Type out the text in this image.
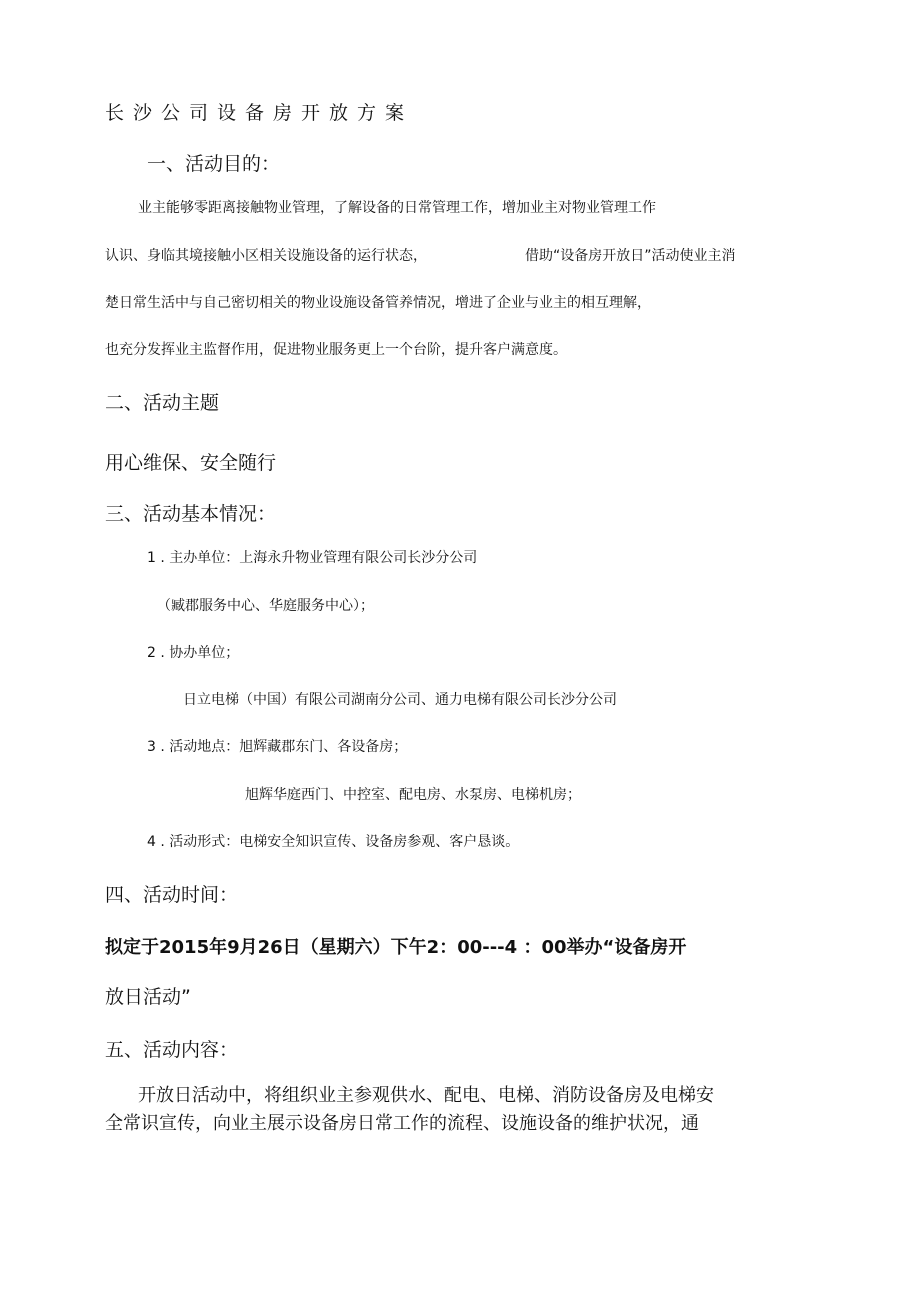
长沙公司设备房开放方案
一、活动目的：
业主能够零距离接触物业管理，了解设备的日常管理工作，增加业主对物业管理工作
认识、身临其境接触小区相关设施设备的运行状态，	借助“设备房开放日”活动使业主消
楚日常生活中与自己密切相关的物业设施设备管养情况，增进了企业与业主的相互理解，
也充分发挥业主监督作用，促进物业服务更上一个台阶，提升客户满意度。
二、活动主题
用心维保、安全随行
三、活动基本情况：
1 . 主办单位：上海永升物业管理有限公司长沙分公司
（臧郡服务中心、华庭服务中心）；
2 . 协办单位；
日立电梯（中国）有限公司湖南分公司、通力电梯有限公司长沙分公司
3 . 活动地点：旭辉藏郡东门、各设备房；
旭辉华庭西门、中控室、配电房、水泵房、电梯机房；
4 . 活动形式：电梯安全知识宣传、设备房参观、客户恳谈。
四、活动时间：
拟定于2015年9月26日（星期六）下午2：00---4 ：00举办“设备房开
放日活动”
五、活动内容：
开放日活动中，将组织业主参观供水、配电、电梯、消防设备房及电梯安
全常识宣传，向业主展示设备房日常工作的流程、设施设备的维护状况，通
